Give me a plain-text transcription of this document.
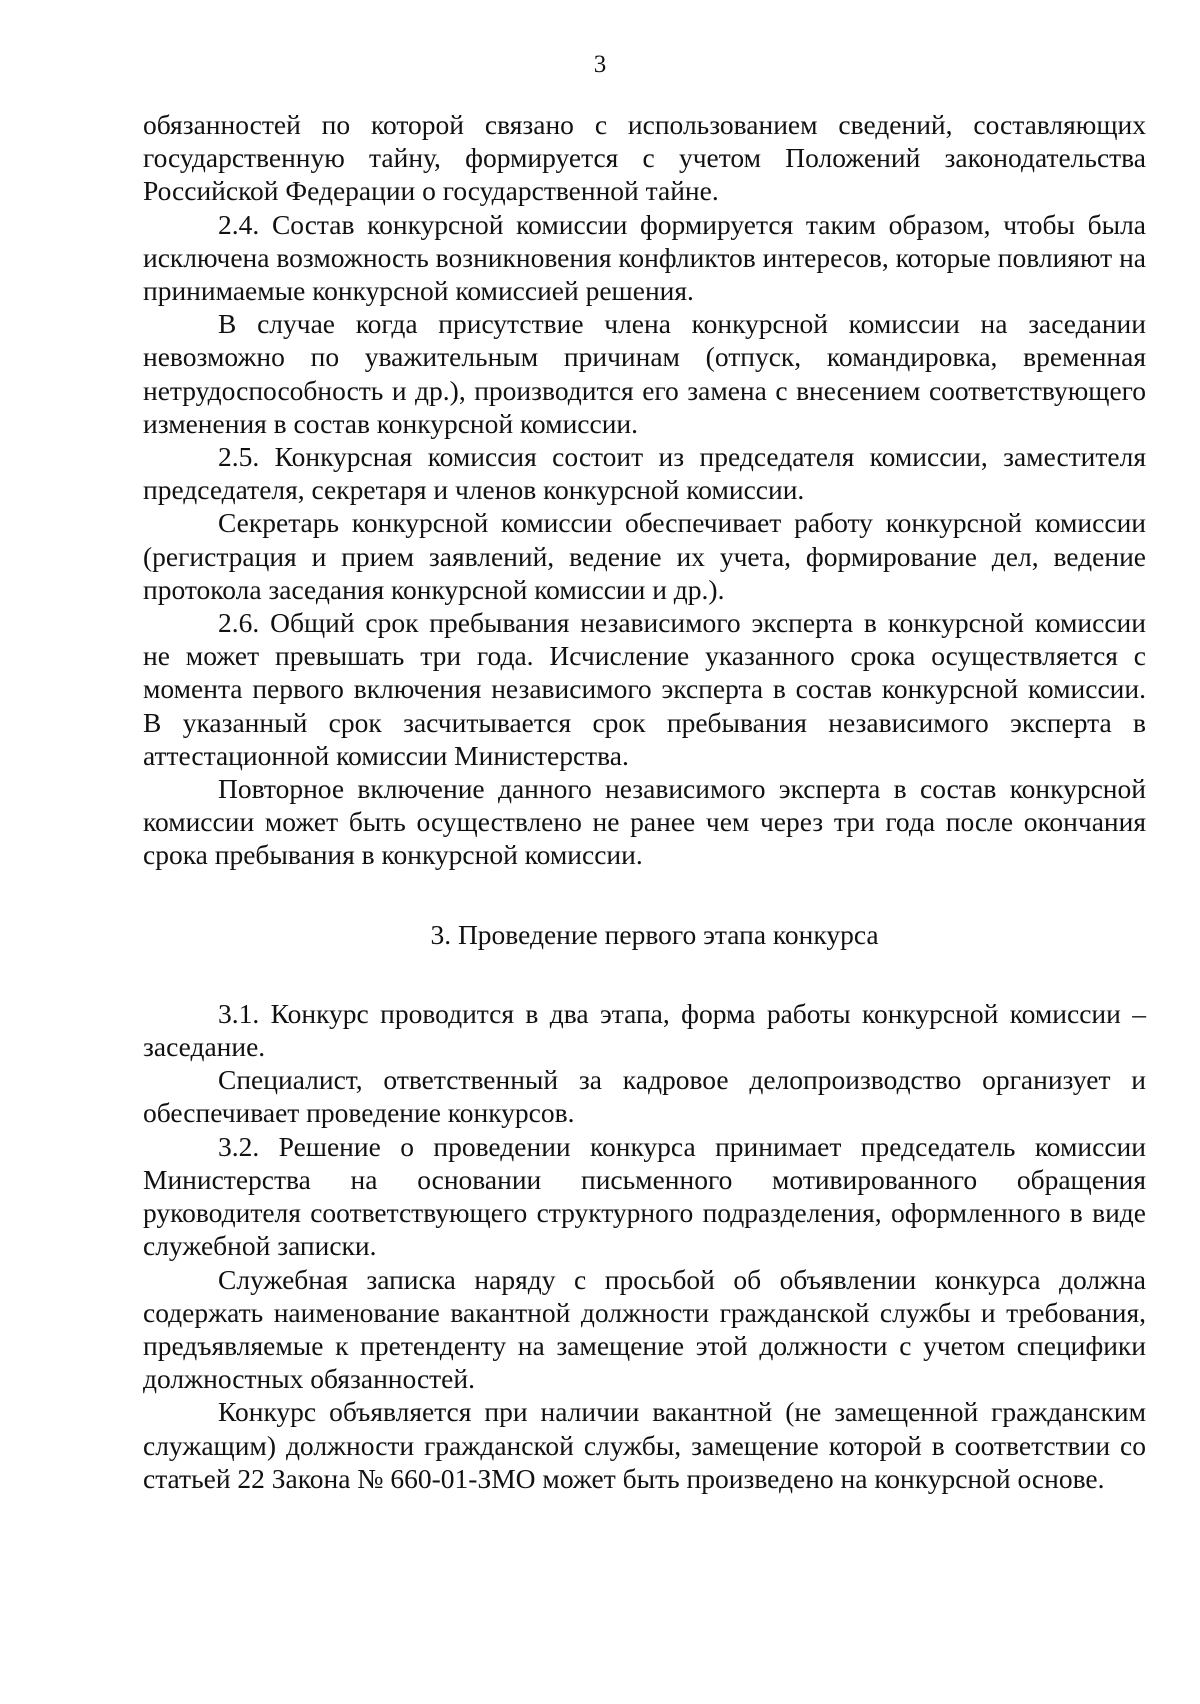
3

обязанностей по которой связано с использованием сведений, составляющих государственную тайну, формируется с учетом Положений законодательства Российской Федерации о государственной тайне.

2.4. Состав конкурсной комиссии формируется таким образом, чтобы была исключена возможность возникновения конфликтов интересов, которые повлияют на принимаемые конкурсной комиссией решения.

В случае когда присутствие члена конкурсной комиссии на заседании невозможно по уважительным причинам (отпуск, командировка, временная нетрудоспособность и др.), производится его замена с внесением соответствующего изменения в состав конкурсной комиссии.

2.5. Конкурсная комиссия состоит из председателя комиссии, заместителя председателя, секретаря и членов конкурсной комиссии.

Секретарь конкурсной комиссии обеспечивает работу конкурсной комиссии (регистрация и прием заявлений, ведение их учета, формирование дел, ведение протокола заседания конкурсной комиссии и др.).

2.6. Общий срок пребывания независимого эксперта в конкурсной комиссии не может превышать три года. Исчисление указанного срока осуществляется с момента первого включения независимого эксперта в состав конкурсной комиссии. В указанный срок засчитывается срок пребывания независимого эксперта в аттестационной комиссии Министерства.

Повторное включение данного независимого эксперта в состав конкурсной комиссии может быть осуществлено не ранее чем через три года после окончания срока пребывания в конкурсной комиссии.

3. Проведение первого этапа конкурса

3.1. Конкурс проводится в два этапа, форма работы конкурсной комиссии – заседание.

Специалист, ответственный за кадровое делопроизводство организует и обеспечивает проведение конкурсов.

3.2. Решение о проведении конкурса принимает председатель комиссии Министерства на основании письменного мотивированного обращения руководителя соответствующего структурного подразделения, оформленного в виде служебной записки.

Служебная записка наряду с просьбой об объявлении конкурса должна содержать наименование вакантной должности гражданской службы и требования, предъявляемые к претенденту на замещение этой должности с учетом специфики должностных обязанностей.

Конкурс объявляется при наличии вакантной (не замещенной гражданским служащим) должности гражданской службы, замещение которой в соответствии со статьей 22 Закона № 660-01-ЗМО может быть произведено на конкурсной основе.
